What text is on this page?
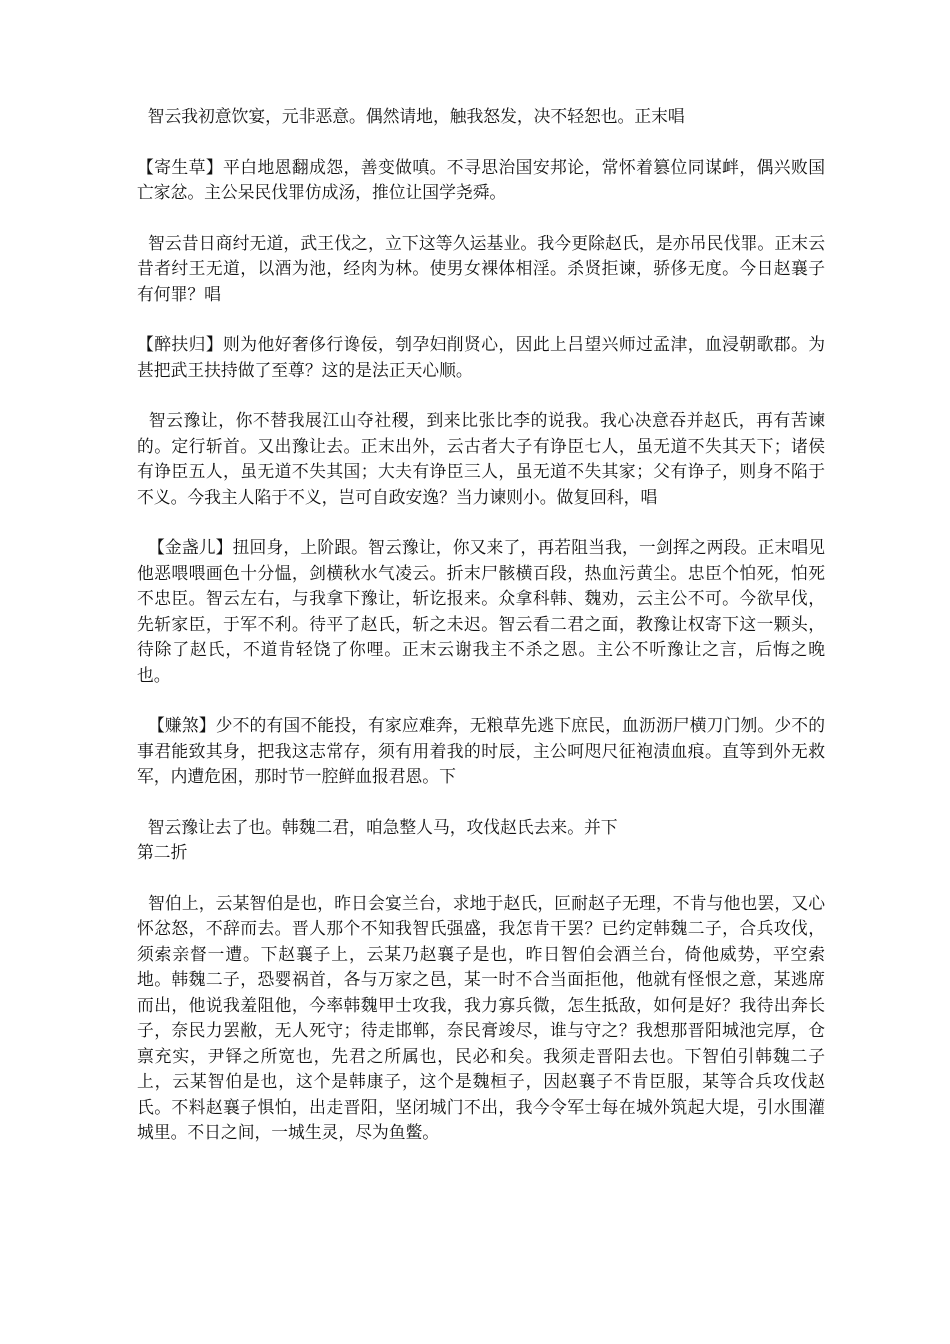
智云我初意饮宴，元非恶意。偶然请地，触我怒发，决不轻恕也。正末唱

【寄生草】平白地恩翻成怨，善变做嗔。不寻思治国安邦论，常怀着篡位同谋衅，偶兴败国亡家忿。主公呆民伐罪仿成汤，推位让国学尧舜。

智云昔日商纣无道，武王伐之，立下这等久运基业。我今更除赵氏，是亦吊民伐罪。正末云昔者纣王无道，以酒为池，经肉为林。使男女裸体相淫。杀贤拒谏，骄侈无度。今日赵襄子有何罪？唱

【醉扶归】则为他好奢侈行谗佞，刳孕妇削贤心，因此上吕望兴师过孟津，血浸朝歌郡。为甚把武王扶持做了至尊？这的是法正天心顺。

智云豫让，你不替我展江山夺社稷，到来比张比李的说我。我心决意吞并赵氏，再有苦谏的。定行斩首。又出豫让去。正末出外，云古者大子有诤臣七人，虽无道不失其天下；诸侯有诤臣五人，虽无道不失其国；大夫有诤臣三人，虽无道不失其家；父有诤子，则身不陷于不义。今我主人陷于不义，岂可自政安逸？当力谏则小。做复回科，唱

【金盏儿】扭回身，上阶跟。智云豫让，你又来了，再若阻当我，一剑挥之两段。正末唱见他恶喂喂画色十分愠，剑横秋水气凌云。折末尸骸横百段，热血污黄尘。忠臣个怕死，怕死不忠臣。智云左右，与我拿下豫让，斩讫报来。众拿科韩、魏劝，云主公不可。今欲早伐，先斩家臣，于军不利。待平了赵氏，斩之未迟。智云看二君之面，教豫让权寄下这一颗头，待除了赵氏，不道肯轻饶了你哩。正末云谢我主不杀之恩。主公不听豫让之言，后悔之晚也。

【赚煞】少不的有国不能投，有家应难奔，无粮草先逃下庶民，血沥沥尸横刀门刎。少不的事君能致其身，把我这志常存，须有用着我的时辰，主公呵咫尺征袍渍血痕。直等到外无救军，内遭危困，那时节一腔鲜血报君恩。下

智云豫让去了也。韩魏二君，咱急整人马，攻伐赵氏去来。并下

第二折

智伯上，云某智伯是也，昨日会宴兰台，求地于赵氏，叵耐赵子无理，不肯与他也罢，又心怀忿怒，不辞而去。晋人那个不知我智氏强盛，我怎肯干罢？已约定韩魏二子，合兵攻伐，须索亲督一遭。下赵襄子上，云某乃赵襄子是也，昨日智伯会酒兰台，倚他威势，平空索地。韩魏二子，恐婴祸首，各与万家之邑，某一时不合当面拒他，他就有怪恨之意，某逃席而出，他说我羞阻他，今率韩魏甲士攻我，我力寡兵微，怎生抵敌，如何是好？我待出奔长子，奈民力罢敝，无人死守；待走邯郸，奈民膏竣尽，谁与守之？我想那晋阳城池完厚，仓禀充实，尹铎之所宽也，先君之所属也，民必和矣。我须走晋阳去也。下智伯引韩魏二子上，云某智伯是也，这个是韩康子，这个是魏桓子，因赵襄子不肯臣服，某等合兵攻伐赵氏。不料赵襄子惧怕，出走晋阳，坚闭城门不出，我今令军士每在城外筑起大堤，引水围灌城里。不日之间，一城生灵，尽为鱼鳖。
